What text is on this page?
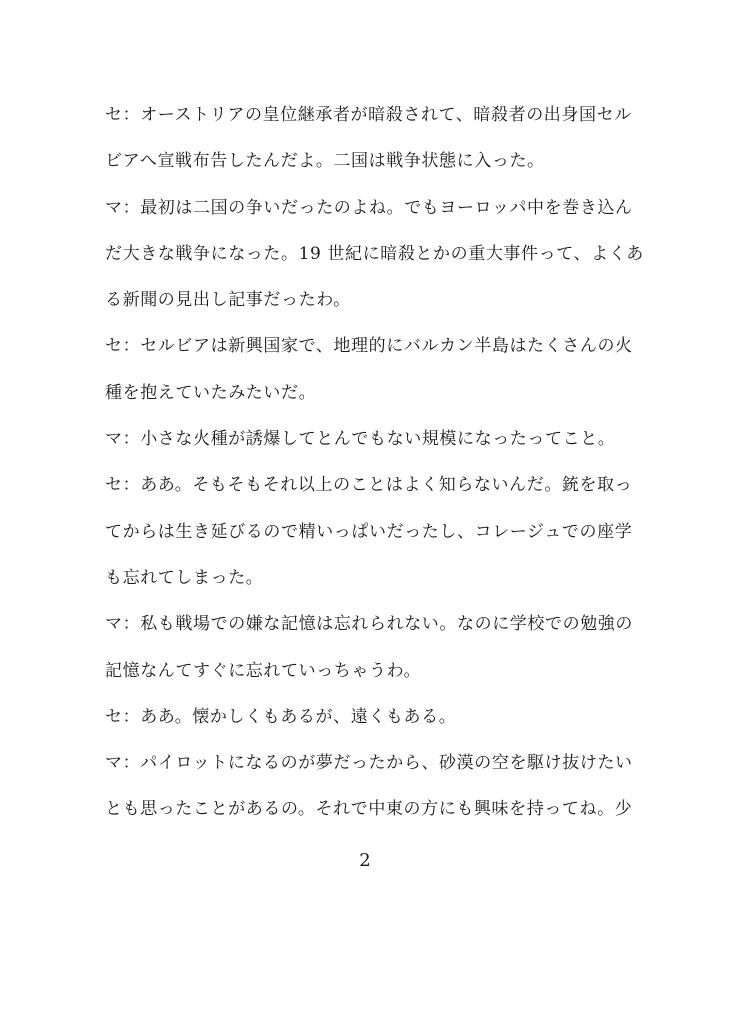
セ：オーストリアの皇位継承者が暗殺されて、暗殺者の出身国セル
ビアへ宣戦布告したんだよ。二国は戦争状態に入った。
マ：最初は二国の争いだったのよね。でもヨーロッパ中を巻き込ん
だ大きな戦争になった。19 世紀に暗殺とかの重大事件って、よくあ
る新聞の見出し記事だったわ。
セ：セルビアは新興国家で、地理的にバルカン半島はたくさんの火
種を抱えていたみたいだ。
マ：小さな火種が誘爆してとんでもない規模になったってこと。
セ：ああ。そもそもそれ以上のことはよく知らないんだ。銃を取っ
てからは生き延びるので精いっぱいだったし、コレージュでの座学
も忘れてしまった。
マ：私も戦場での嫌な記憶は忘れられない。なのに学校での勉強の
記憶なんてすぐに忘れていっちゃうわ。
セ：ああ。懐かしくもあるが、遠くもある。
マ：パイロットになるのが夢だったから、砂漠の空を駆け抜けたい
とも思ったことがあるの。それで中東の方にも興味を持ってね。少
2
